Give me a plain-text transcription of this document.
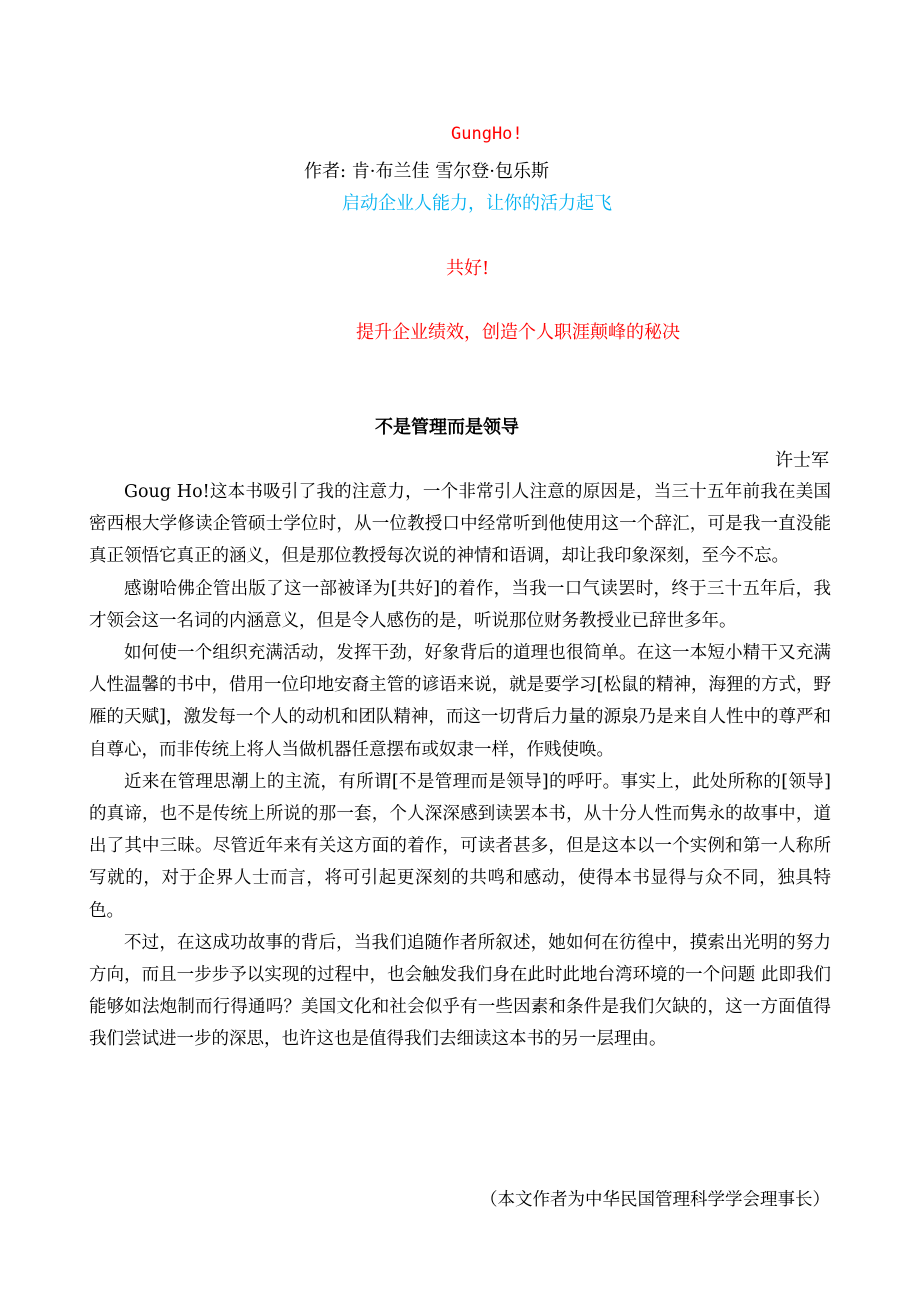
GungHo!
作者: 肯·布兰佳 雪尔登·包乐斯
启动企业人能力，让你的活力起飞
共好!
提升企业绩效，创造个人职涯颠峰的秘决
不是管理而是领导
许士军

Goug Ho!这本书吸引了我的注意力，一个非常引人注意的原因是，当三十五年前我在美国密西根大学修读企管硕士学位时，从一位教授口中经常听到他使用这一个辞汇，可是我一直没能真正领悟它真正的涵义，但是那位教授每次说的神情和语调，却让我印象深刻，至今不忘。

感谢哈佛企管出版了这一部被译为[共好]的着作，当我一口气读罢时，终于三十五年后，我才领会这一名词的内涵意义，但是令人感伤的是，听说那位财务教授业已辞世多年。

如何使一个组织充满活动，发挥干劲，好象背后的道理也很简单。在这一本短小精干又充满人性温馨的书中，借用一位印地安裔主管的谚语来说，就是要学习[松鼠的精神，海狸的方式，野雁的天赋]，激发每一个人的动机和团队精神，而这一切背后力量的源泉乃是来自人性中的尊严和自尊心，而非传统上将人当做机器任意摆布或奴隶一样，作贱使唤。

近来在管理思潮上的主流，有所谓[不是管理而是领导]的呼吁。事实上，此处所称的[领导]的真谛，也不是传统上所说的那一套，个人深深感到读罢本书，从十分人性而隽永的故事中，道出了其中三昧。尽管近年来有关这方面的着作，可读者甚多，但是这本以一个实例和第一人称所写就的，对于企界人士而言，将可引起更深刻的共鸣和感动，使得本书显得与众不同，独具特色。

不过，在这成功故事的背后，当我们追随作者所叙述，她如何在彷徨中，摸索出光明的努力方向，而且一步步予以实现的过程中，也会触发我们身在此时此地台湾环境的一个问题 此即我们能够如法炮制而行得通吗？美国文化和社会似乎有一些因素和条件是我们欠缺的，这一方面值得我们尝试进一步的深思，也许这也是值得我们去细读这本书的另一层理由。

（本文作者为中华民国管理科学学会理事长）
